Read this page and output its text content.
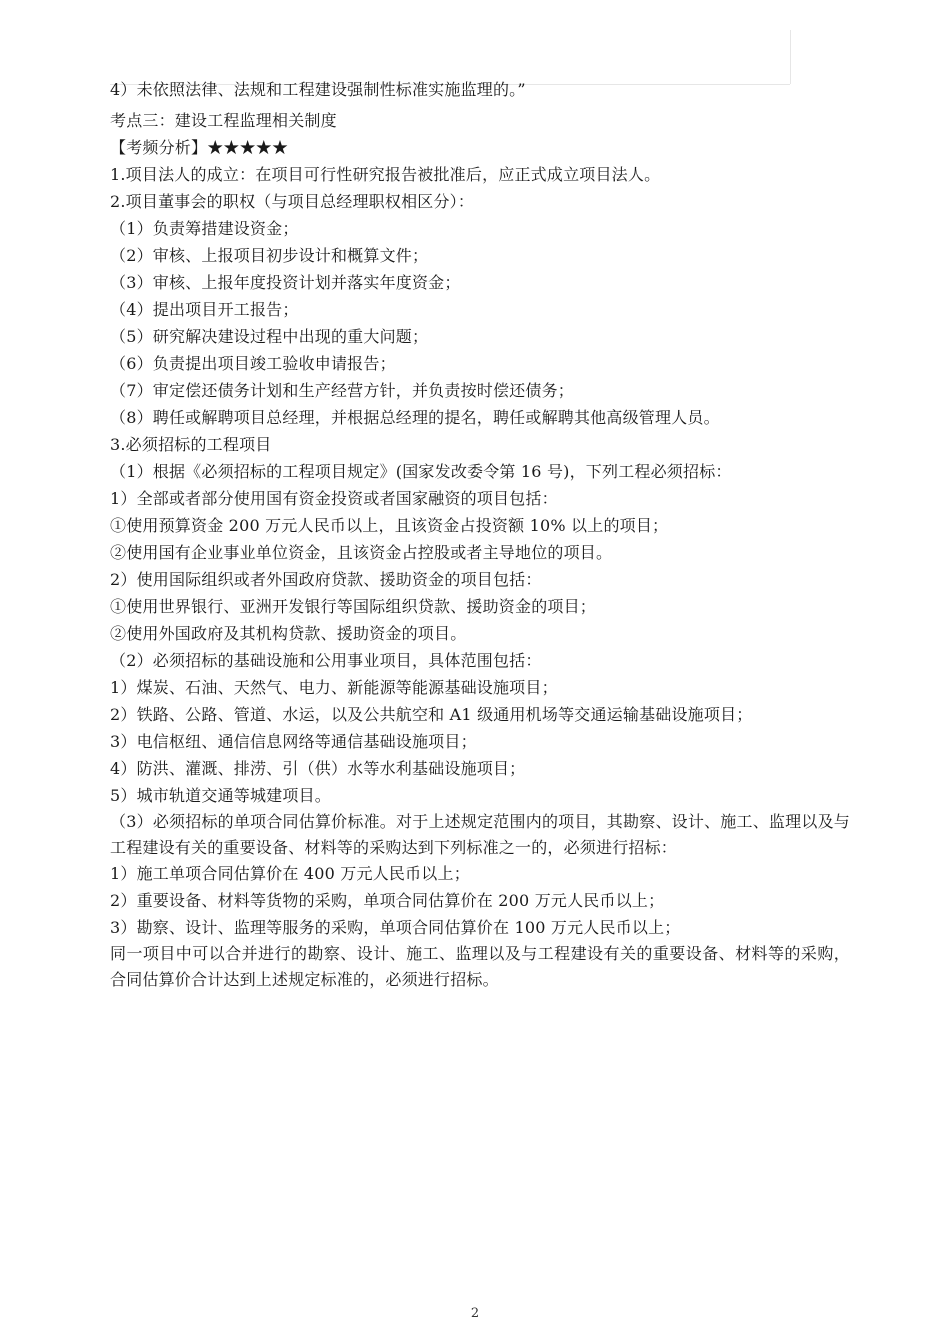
4）未依照法律、法规和工程建设强制性标准实施监理的。”
考点三：建设工程监理相关制度
【考频分析】★★★★★
1.项目法人的成立：在项目可行性研究报告被批准后，应正式成立项目法人。
2.项目董事会的职权（与项目总经理职权相区分）：
（1）负责筹措建设资金；
（2）审核、上报项目初步设计和概算文件；
（3）审核、上报年度投资计划并落实年度资金；
（4）提出项目开工报告；
（5）研究解决建设过程中出现的重大问题；
（6）负责提出项目竣工验收申请报告；
（7）审定偿还债务计划和生产经营方针，并负责按时偿还债务；
（8）聘任或解聘项目总经理，并根据总经理的提名，聘任或解聘其他高级管理人员。
3.必须招标的工程项目
（1）根据《必须招标的工程项目规定》(国家发改委令第 16 号)，下列工程必须招标：
1）全部或者部分使用国有资金投资或者国家融资的项目包括：
①使用预算资金 200 万元人民币以上，且该资金占投资额 10% 以上的项目；
②使用国有企业事业单位资金，且该资金占控股或者主导地位的项目。
2）使用国际组织或者外国政府贷款、援助资金的项目包括：
①使用世界银行、亚洲开发银行等国际组织贷款、援助资金的项目；
②使用外国政府及其机构贷款、援助资金的项目。
（2）必须招标的基础设施和公用事业项目，具体范围包括：
1）煤炭、石油、天然气、电力、新能源等能源基础设施项目；
2）铁路、公路、管道、水运，以及公共航空和 A1 级通用机场等交通运输基础设施项目；
3）电信枢纽、通信信息网络等通信基础设施项目；
4）防洪、灌溉、排涝、引（供）水等水利基础设施项目；
5）城市轨道交通等城建项目。
（3）必须招标的单项合同估算价标准。对于上述规定范围内的项目，其勘察、设计、施工、监理以及与工程建设有关的重要设备、材料等的采购达到下列标准之一的，必须进行招标：
1）施工单项合同估算价在 400 万元人民币以上；
2）重要设备、材料等货物的采购，单项合同估算价在 200 万元人民币以上；
3）勘察、设计、监理等服务的采购，单项合同估算价在 100 万元人民币以上；
同一项目中可以合并进行的勘察、设计、施工、监理以及与工程建设有关的重要设备、材料等的采购，合同估算价合计达到上述规定标准的，必须进行招标。
2
